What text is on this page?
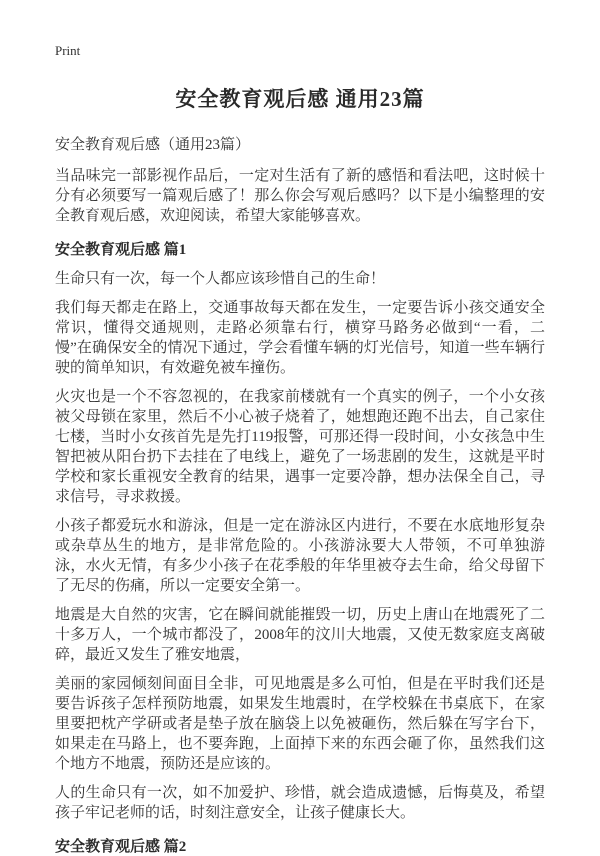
Print
安全教育观后感 通用23篇
安全教育观后感（通用23篇）

当品味完一部影视作品后，一定对生活有了新的感悟和看法吧，这时候十分有必须要写一篇观后感了！那么你会写观后感吗？以下是小编整理的安全教育观后感，欢迎阅读，希望大家能够喜欢。

安全教育观后感 篇1

生命只有一次，每一个人都应该珍惜自己的生命！

我们每天都走在路上，交通事故每天都在发生，一定要告诉小孩交通安全常识，懂得交通规则，走路必须靠右行，横穿马路务必做到“一看，二慢”在确保安全的情况下通过，学会看懂车辆的灯光信号，知道一些车辆行驶的简单知识，有效避免被车撞伤。

火灾也是一个不容忽视的，在我家前楼就有一个真实的例子，一个小女孩被父母锁在家里，然后不小心被子烧着了，她想跑还跑不出去，自己家住七楼，当时小女孩首先是先打119报警，可那还得一段时间，小女孩急中生智把被从阳台扔下去挂在了电线上，避免了一场悲剧的发生，这就是平时学校和家长重视安全教育的结果，遇事一定要冷静，想办法保全自己，寻求信号，寻求救援。

小孩子都爱玩水和游泳，但是一定在游泳区内进行，不要在水底地形复杂或杂草丛生的地方，是非常危险的。小孩游泳要大人带领，不可单独游泳，水火无情，有多少小孩子在花季般的年华里被夺去生命，给父母留下了无尽的伤痛，所以一定要安全第一。

地震是大自然的灾害，它在瞬间就能摧毁一切，历史上唐山在地震死了二十多万人，一个城市都没了，2008年的汶川大地震，又使无数家庭支离破碎，最近又发生了雅安地震，

美丽的家园倾刻间面目全非，可见地震是多么可怕，但是在平时我们还是要告诉孩子怎样预防地震，如果发生地震时，在学校躲在书桌底下，在家里要把枕产学研或者是垫子放在脑袋上以免被砸伤，然后躲在写字台下，如果走在马路上，也不要奔跑，上面掉下来的东西会砸了你，虽然我们这个地方不地震，预防还是应该的。

人的生命只有一次，如不加爱护、珍惜，就会造成遗憾，后悔莫及，希望孩子牢记老师的话，时刻注意安全，让孩子健康长大。

安全教育观后感 篇2
